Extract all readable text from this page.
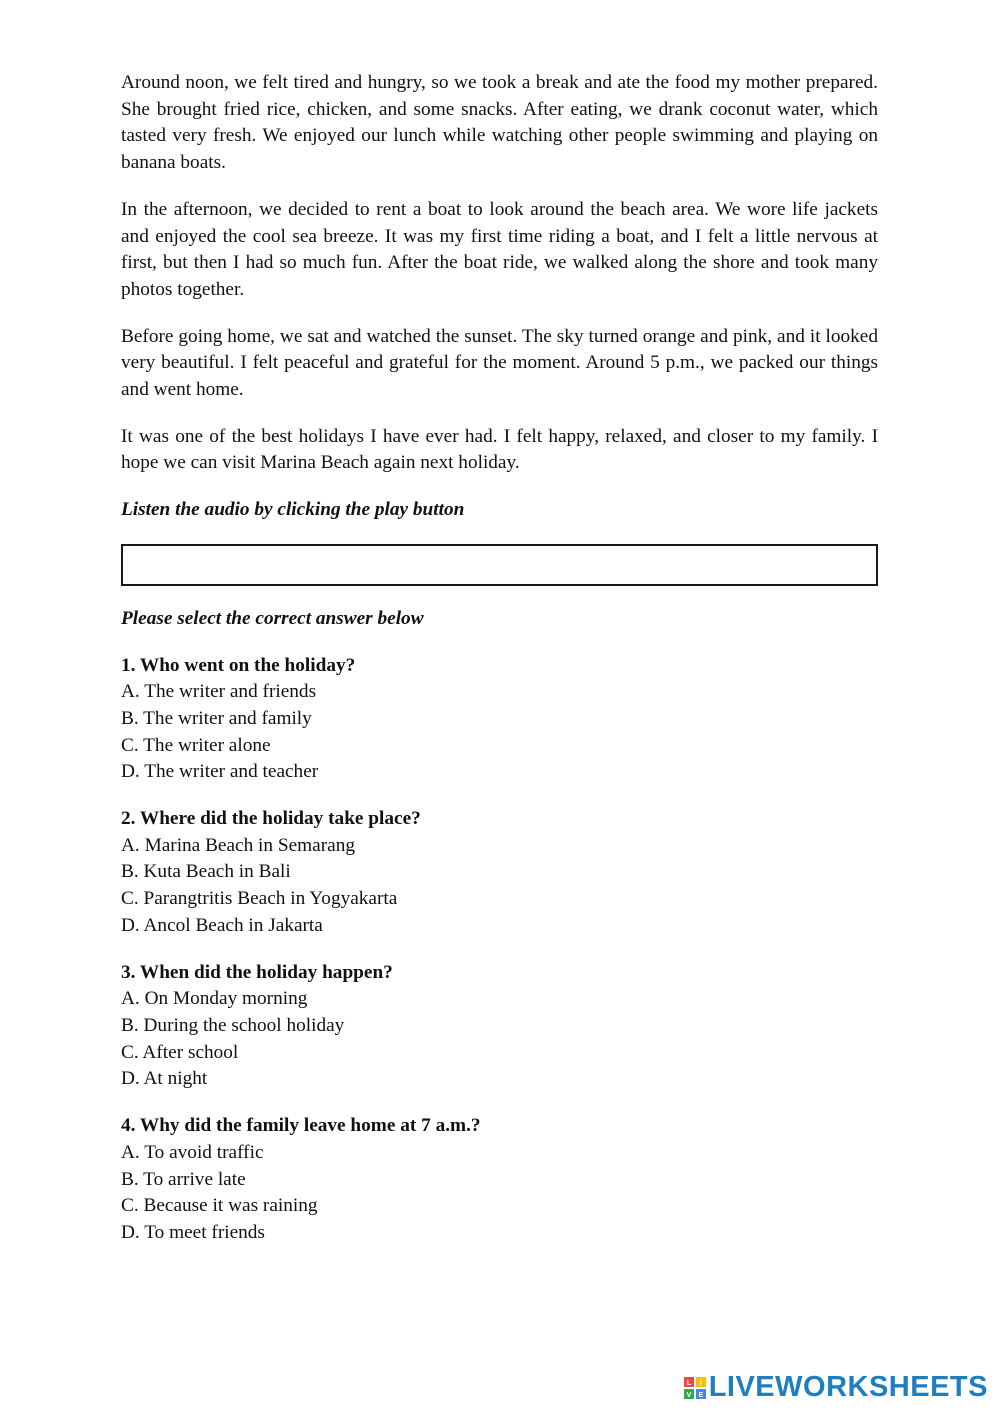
Around noon, we felt tired and hungry, so we took a break and ate the food my mother prepared. She brought fried rice, chicken, and some snacks. After eating, we drank coconut water, which tasted very fresh. We enjoyed our lunch while watching other people swimming and playing on banana boats.

In the afternoon, we decided to rent a boat to look around the beach area. We wore life jackets and enjoyed the cool sea breeze. It was my first time riding a boat, and I felt a little nervous at first, but then I had so much fun. After the boat ride, we walked along the shore and took many photos together.

Before going home, we sat and watched the sunset. The sky turned orange and pink, and it looked very beautiful. I felt peaceful and grateful for the moment. Around 5 p.m., we packed our things and went home.

It was one of the best holidays I have ever had. I felt happy, relaxed, and closer to my family. I hope we can visit Marina Beach again next holiday.

Listen the audio by clicking the play button

Please select the correct answer below

1. Who went on the holiday?

A. The writer and friends

B. The writer and family

C. The writer alone

D. The writer and teacher

2. Where did the holiday take place?

A. Marina Beach in Semarang

B. Kuta Beach in Bali

C. Parangtritis Beach in Yogyakarta

D. Ancol Beach in Jakarta

3. When did the holiday happen?

A. On Monday morning

B. During the school holiday

C. After school

D. At night

4. Why did the family leave home at 7 a.m.?

A. To avoid traffic

B. To arrive late

C. Because it was raining

D. To meet friends

L I
V E LIVEWORKSHEETS
